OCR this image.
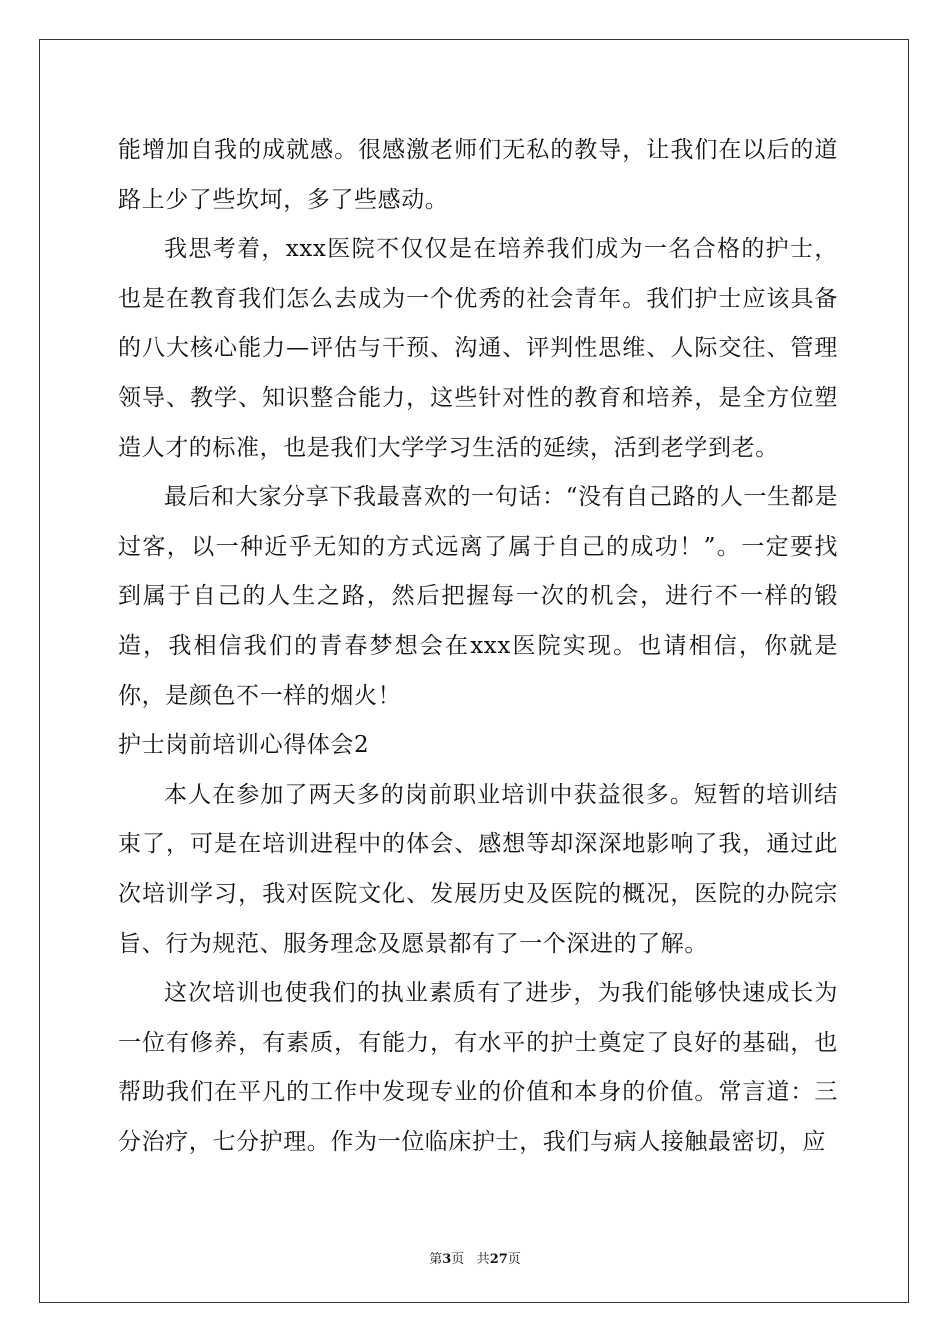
能增加自我的成就感。很感激老师们无私的教导，让我们在以后的道路上少了些坎坷，多了些感动。

我思考着，xxx医院不仅仅是在培养我们成为一名合格的护士，也是在教育我们怎么去成为一个优秀的社会青年。我们护士应该具备的八大核心能力—评估与干预、沟通、评判性思维、人际交往、管理领导、教学、知识整合能力，这些针对性的教育和培养，是全方位塑造人才的标准，也是我们大学学习生活的延续，活到老学到老。

最后和大家分享下我最喜欢的一句话：“没有自己路的人一生都是过客，以一种近乎无知的方式远离了属于自己的成功！”。一定要找到属于自己的人生之路，然后把握每一次的机会，进行不一样的锻造，我相信我们的青春梦想会在xxx医院实现。也请相信，你就是你，是颜色不一样的烟火！

护士岗前培训心得体会2

本人在参加了两天多的岗前职业培训中获益很多。短暂的培训结束了，可是在培训进程中的体会、感想等却深深地影响了我，通过此次培训学习，我对医院文化、发展历史及医院的概况，医院的办院宗旨、行为规范、服务理念及愿景都有了一个深进的了解。

这次培训也使我们的执业素质有了进步，为我们能够快速成长为一位有修养，有素质，有能力，有水平的护士奠定了良好的基础，也帮助我们在平凡的工作中发现专业的价值和本身的价值。常言道：三分治疗，七分护理。作为一位临床护士，我们与病人接触最密切，应

第3页 共27页
